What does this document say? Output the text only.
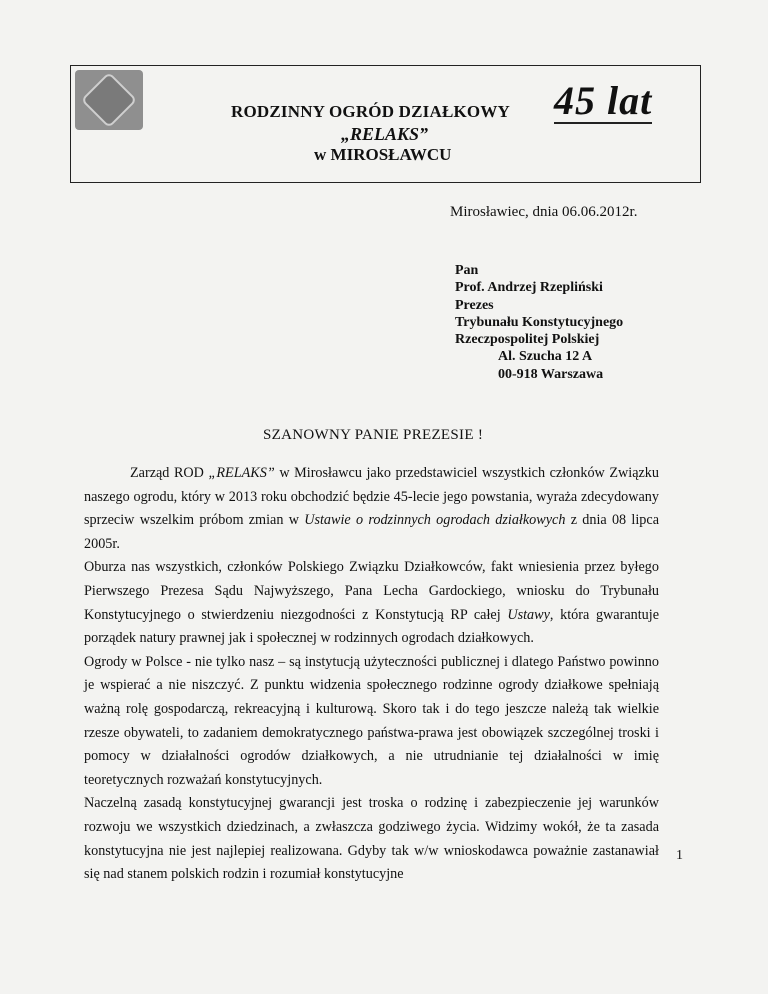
RODZINNY OGRÓD DZIAŁKOWY 45 lat
„RELAKS”
w MIROSŁAWCU
Mirosławiec, dnia 06.06.2012r.
Pan
Prof. Andrzej Rzepliński
Prezes
Trybunału Konstytucyjnego
Rzeczpospolitej Polskiej
Al. Szucha 12 A
00-918 Warszawa
SZANOWNY PANIE PREZESIE !

Zarząd ROD „RELAKS” w Mirosławcu jako przedstawiciel wszystkich członków Związku naszego ogrodu, który w 2013 roku obchodzić będzie 45-lecie jego powstania, wyraża zdecydowany sprzeciw wszelkim próbom zmian w Ustawie o rodzinnych ogrodach działkowych z dnia 08 lipca 2005r.

Oburza nas wszystkich, członków Polskiego Związku Działkowców, fakt wniesienia przez byłego Pierwszego Prezesa Sądu Najwyższego, Pana Lecha Gardockiego, wniosku do Trybunału Konstytucyjnego o stwierdzeniu niezgodności z Konstytucją RP całej Ustawy, która gwarantuje porządek natury prawnej jak i społecznej w rodzinnych ogrodach działkowych.

Ogrody w Polsce - nie tylko nasz – są instytucją użyteczności publicznej i dlatego Państwo powinno je wspierać a nie niszczyć. Z punktu widzenia społecznego rodzinne ogrody działkowe spełniają ważną rolę gospodarczą, rekreacyjną i kulturową. Skoro tak i do tego jeszcze należą tak wielkie rzesze obywateli, to zadaniem demokratycznego państwa-prawa jest obowiązek szczególnej troski i pomocy w działalności ogrodów działkowych, a nie utrudnianie tej działalności w imię teoretycznych rozważań konstytucyjnych.

Naczelną zasadą konstytucyjnej gwarancji jest troska o rodzinę i zabezpieczenie jej warunków rozwoju we wszystkich dziedzinach, a zwłaszcza godziwego życia. Widzimy wokół, że ta zasada konstytucyjna nie jest najlepiej realizowana. Gdyby tak w/w wnioskodawca poważnie zastanawiał się nad stanem polskich rodzin i rozumiał konstytucyjne

1
